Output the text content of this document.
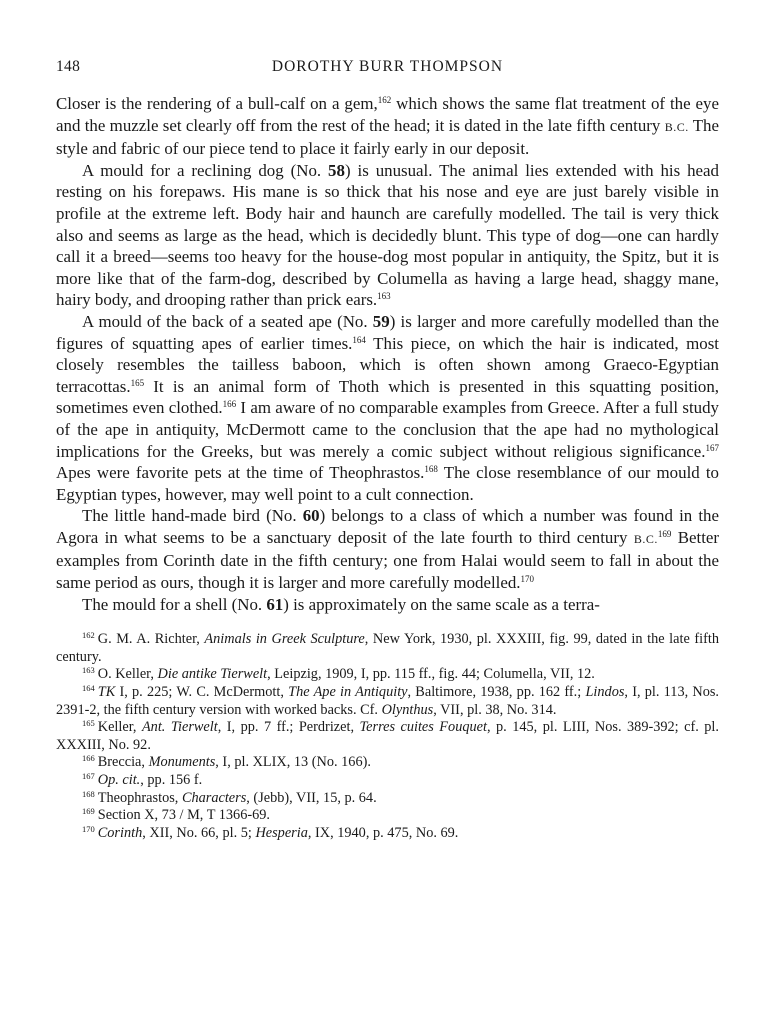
148	DOROTHY BURR THOMPSON

Closer is the rendering of a bull-calf on a gem,$^{162}$ which shows the same flat treatment of the eye and the muzzle set clearly off from the rest of the head; it is dated in the late fifth century B.C. The style and fabric of our piece tend to place it fairly early in our deposit.

A mould for a reclining dog (No. 58) is unusual. The animal lies extended with his head resting on his forepaws. His mane is so thick that his nose and eye are just barely visible in profile at the extreme left. Body hair and haunch are carefully modelled. The tail is very thick also and seems as large as the head, which is decidedly blunt. This type of dog—one can hardly call it a breed—seems too heavy for the house-dog most popular in antiquity, the Spitz, but it is more like that of the farm-dog, described by Columella as having a large head, shaggy mane, hairy body, and drooping rather than prick ears.$^{163}$

A mould of the back of a seated ape (No. 59) is larger and more carefully modelled than the figures of squatting apes of earlier times.$^{164}$ This piece, on which the hair is indicated, most closely resembles the tailless baboon, which is often shown among Graeco-Egyptian terracottas.$^{165}$ It is an animal form of Thoth which is presented in this squatting position, sometimes even clothed.$^{166}$ I am aware of no comparable examples from Greece. After a full study of the ape in antiquity, McDermott came to the conclusion that the ape had no mythological implications for the Greeks, but was merely a comic subject without religious significance.$^{167}$ Apes were favorite pets at the time of Theophrastos.$^{168}$ The close resemblance of our mould to Egyptian types, however, may well point to a cult connection.

The little hand-made bird (No. 60) belongs to a class of which a number was found in the Agora in what seems to be a sanctuary deposit of the late fourth to third century B.C.$^{169}$ Better examples from Corinth date in the fifth century; one from Halai would seem to fall in about the same period as ours, though it is larger and more carefully modelled.$^{170}$

The mould for a shell (No. 61) is approximately on the same scale as a terra-

$^{162}$ G. M. A. Richter, Animals in Greek Sculpture, New York, 1930, pl. XXXIII, fig. 99, dated in the late fifth century.

$^{163}$ O. Keller, Die antike Tierwelt, Leipzig, 1909, I, pp. 115 ff., fig. 44; Columella, VII, 12.

$^{164}$ TK I, p. 225; W. C. McDermott, The Ape in Antiquity, Baltimore, 1938, pp. 162 ff.; Lindos, I, pl. 113, Nos. 2391-2, the fifth century version with worked backs. Cf. Olynthus, VII, pl. 38, No. 314.

$^{165}$ Keller, Ant. Tierwelt, I, pp. 7 ff.; Perdrizet, Terres cuites Fouquet, p. 145, pl. LIII, Nos. 389-392; cf. pl. XXXIII, No. 92.

$^{166}$ Breccia, Monuments, I, pl. XLIX, 13 (No. 166).

$^{167}$ Op. cit., pp. 156 f.

$^{168}$ Theophrastos, Characters, (Jebb), VII, 15, p. 64.

$^{169}$ Section Χ, 73 / M, T 1366-69.

$^{170}$ Corinth, XII, No. 66, pl. 5; Hesperia, IX, 1940, p. 475, No. 69.
